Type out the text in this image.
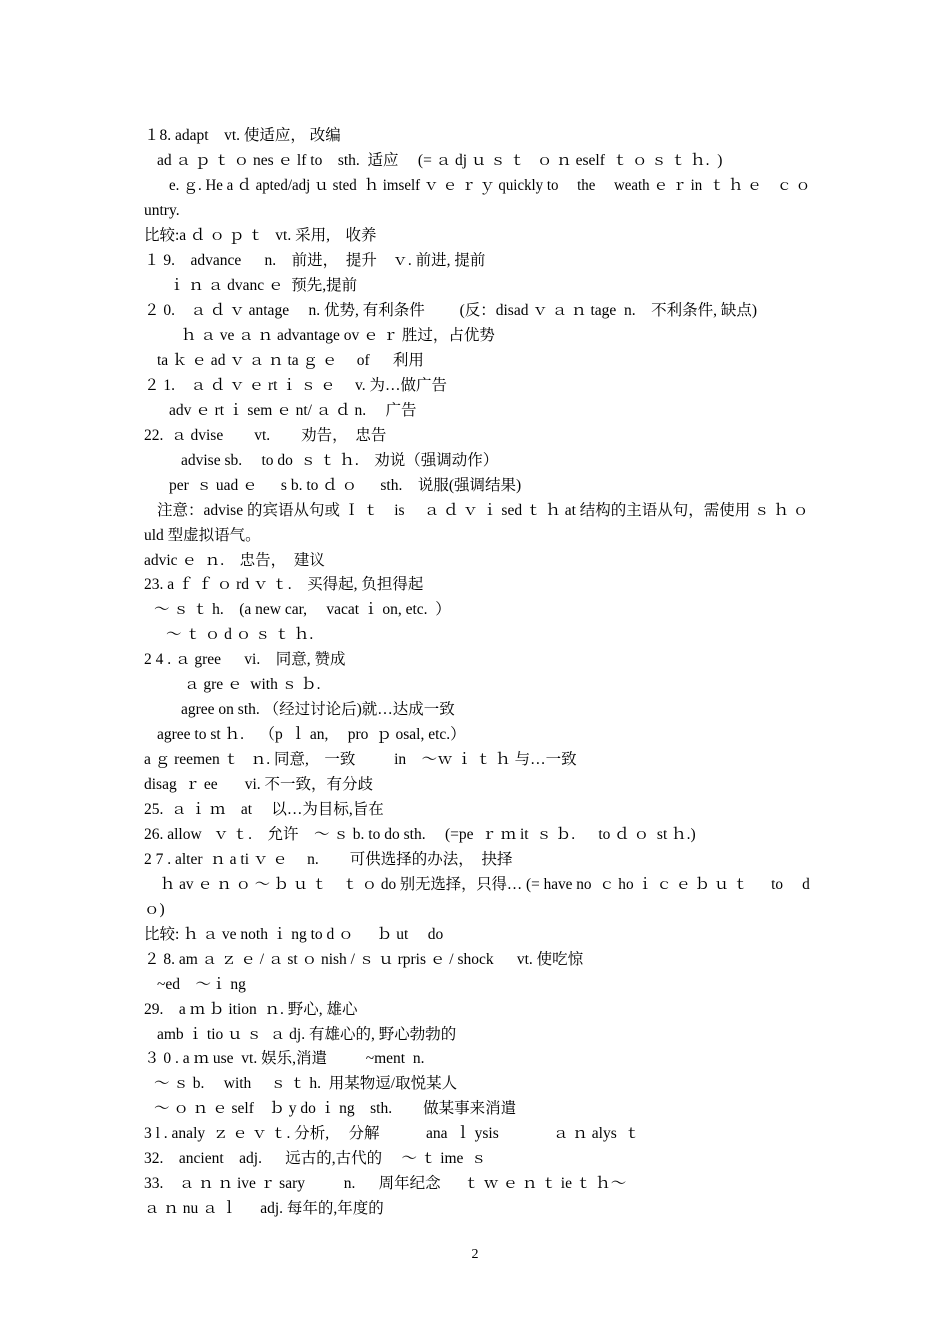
１8. adapt    vt. 使适应， 改编
ad ａ ｐ ｔ ｏ nes ｅ lf to    sth.  适应     (= ａ dj ｕ ｓ ｔ   ｏ ｎ eself  ｔ ｏ ｓ ｔ ｈ.  )
e. ｇ. He a ｄ apted/adj ｕ sted  ｈ imself ｖ ｅ ｒ ｙ quickly to     the     weath ｅ ｒ in  ｔ ｈ ｅ    ｃ ｏ
untry.
比较:a ｄ ｏ ｐ ｔ   vt. 采用,    收养
１ 9.    advance      n.    前进，  提升    ｖ. 前进, 提前
ｉ ｎ ａ dvanc ｅ  预先,提前
２ 0.    ａ ｄ ｖ antage     n. 优势, 有利条件         (反：disad ｖ ａ ｎ tage  n.    不利条件, 缺点)
ｈ ａ ve ａ ｎ advantage ov ｅ ｒ 胜过，占优势
ta ｋ ｅ ad ｖ ａ ｎ ta ｇ ｅ     of      利用
２ 1.    ａ ｄ ｖ ｅ rt ｉ ｓ ｅ     v. 为…做广告
adv ｅ rt ｉ sem ｅ nt/ ａ ｄ n.     广告
22.  ａ dvise        vt.        劝告，  忠告
advise sb.     to do  ｓ ｔ ｈ.    劝说（强调动作）
per  ｓ uad ｅ      s b. to ｄ ｏ      sth.    说服(强调结果)
注意：advise 的宾语从句或 Ｉ ｔ    is     ａ ｄ ｖ ｉ sed ｔ ｈ at 结构的主语从句，需使用 ｓ ｈ ｏ
uld 型虚拟语气。
advic ｅ  ｎ.    忠告，  建议
23. a ｆ ｆ ｏ rd ｖ ｔ.    买得起, 负担得起
～ ｓ ｔ h.    (a new car,     vacat ｉ on, etc.  ）
～ ｔ ｏ d ｏ ｓ ｔ ｈ.
2 4 . ａ gree      vi.    同意, 赞成
ａ gre ｅ  with ｓ ｂ.
agree on sth. （经过讨论后)就…达成一致
agree to st ｈ.    （p  ｌ an,     pro  ｐ osal, etc.）
a ｇ reemen ｔ   ｎ. 同意,    一致          in    ～ｗ ｉ ｔ ｈ 与…一致
disag  ｒ ee       vi. 不一致，有分歧
25.  ａ ｉ ｍ    at     以…为目标,旨在
26. allow   ｖ ｔ.    允许    ～ ｓ b. to do sth.     (=pe  ｒ ｍ it  ｓ ｂ.      to ｄ ｏ  st ｈ.)
2 7 . alter  ｎ a ti ｖ ｅ     n.        可供选择的办法，  抉择
ｈ av ｅ ｎ ｏ ～ ｂ ｕ ｔ    ｔ ｏ do 别无选择，只得… (= have no  ｃ ho ｉ ｃ ｅ ｂ ｕ ｔ      to     d
ｏ)
比较: ｈ ａ ve noth ｉ ng to d ｏ      ｂ ut     do
２ 8. am ａ ｚ ｅ / ａ st ｏ nish / ｓ ｕ rpris ｅ / shock      vt. 使吃惊
~ed    ～ｉ ng
29.    a ｍ ｂ ition  ｎ. 野心, 雄心
amb ｉ tio ｕ ｓ  ａ dj. 有雄心的, 野心勃勃的
３ 0 . a ｍ use  vt. 娱乐,消遣          ~ment  n.
～ ｓ b.     with     ｓ ｔ h.  用某物逗/取悦某人
～ ｏ ｎ ｅ self    ｂ y do ｉ ng    sth.        做某事来消遣
3 l . analy  ｚ ｅ ｖ ｔ. 分析,     分解            ana  ｌ ysis              ａ ｎ alys  ｔ
32.    ancient    adj.      远古的,古代的     ～ ｔ ime  ｓ
33.    ａ ｎ ｎ ive ｒ sary          n.      周年纪念      ｔ ｗ ｅ ｎ ｔ ie ｔ ｈ～
ａ ｎ nu ａ ｌ      adj. 每年的,年度的
2
